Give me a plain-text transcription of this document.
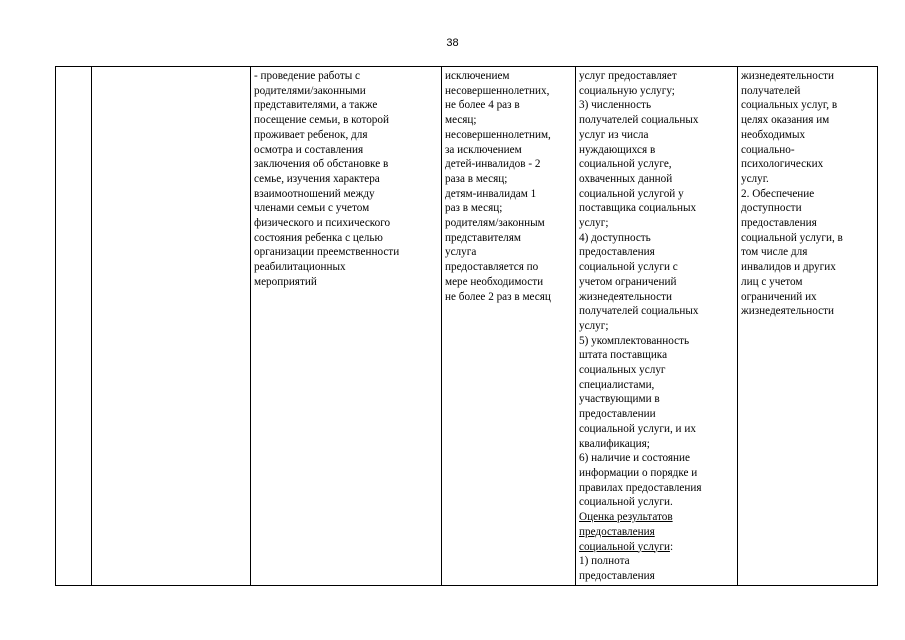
38

- проведение работы с
родителями/законными
представителями, а также
посещение семьи, в которой
проживает ребенок, для
осмотра и составления
заключения об обстановке в
семье, изучения характера
взаимоотношений между
членами семьи с учетом
физического и психического
состояния ребенка с целью
организации преемственности
реабилитационных
мероприятий

исключением
несовершеннолетних,
не более 4 раз в
месяц;
несовершеннолетним,
за исключением
детей-инвалидов - 2
раза в месяц;
детям-инвалидам 1
раз в месяц;
родителям/законным
представителям
услуга
предоставляется по
мере необходимости
не более 2 раз в месяц

услуг предоставляет
социальную услугу;
3) численность
получателей социальных
услуг из числа
нуждающихся в
социальной услуге,
охваченных данной
социальной услугой у
поставщика социальных
услуг;
4) доступность
предоставления
социальной услуги с
учетом ограничений
жизнедеятельности
получателей социальных
услуг;
5) укомплектованность
штата поставщика
социальных услуг
специалистами,
участвующими в
предоставлении
социальной услуги, и их
квалификация;
6) наличие и состояние
информации о порядке и
правилах предоставления
социальной услуги.
Оценка результатов
предоставления
социальной услуги:
1) полнота
предоставления

жизнедеятельности
получателей
социальных услуг, в
целях оказания им
необходимых
социально-
психологических
услуг.
2. Обеспечение
доступности
предоставления
социальной услуги, в
том числе для
инвалидов и других
лиц с учетом
ограничений их
жизнедеятельности
